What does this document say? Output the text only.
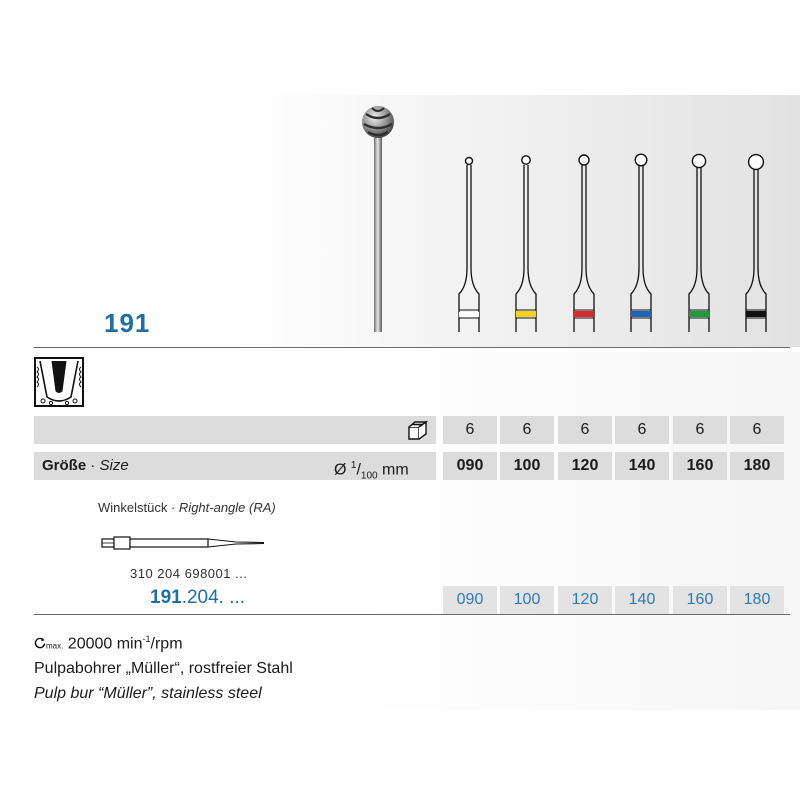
191
6	6	6	6	6	6
Größe · Size	Ø $^1/_{100}$ mm	090	100	120	140	160	180
Winkelstück · Right-angle (RA)
310 204 698001 ...
191.204. ...	090	100	120	140	160	180
max. 20000 $\min^{-1}$/rpm
Pulpabohrer „Müller“, rostfreier Stahl
Pulp bur “Müller”, stainless steel
